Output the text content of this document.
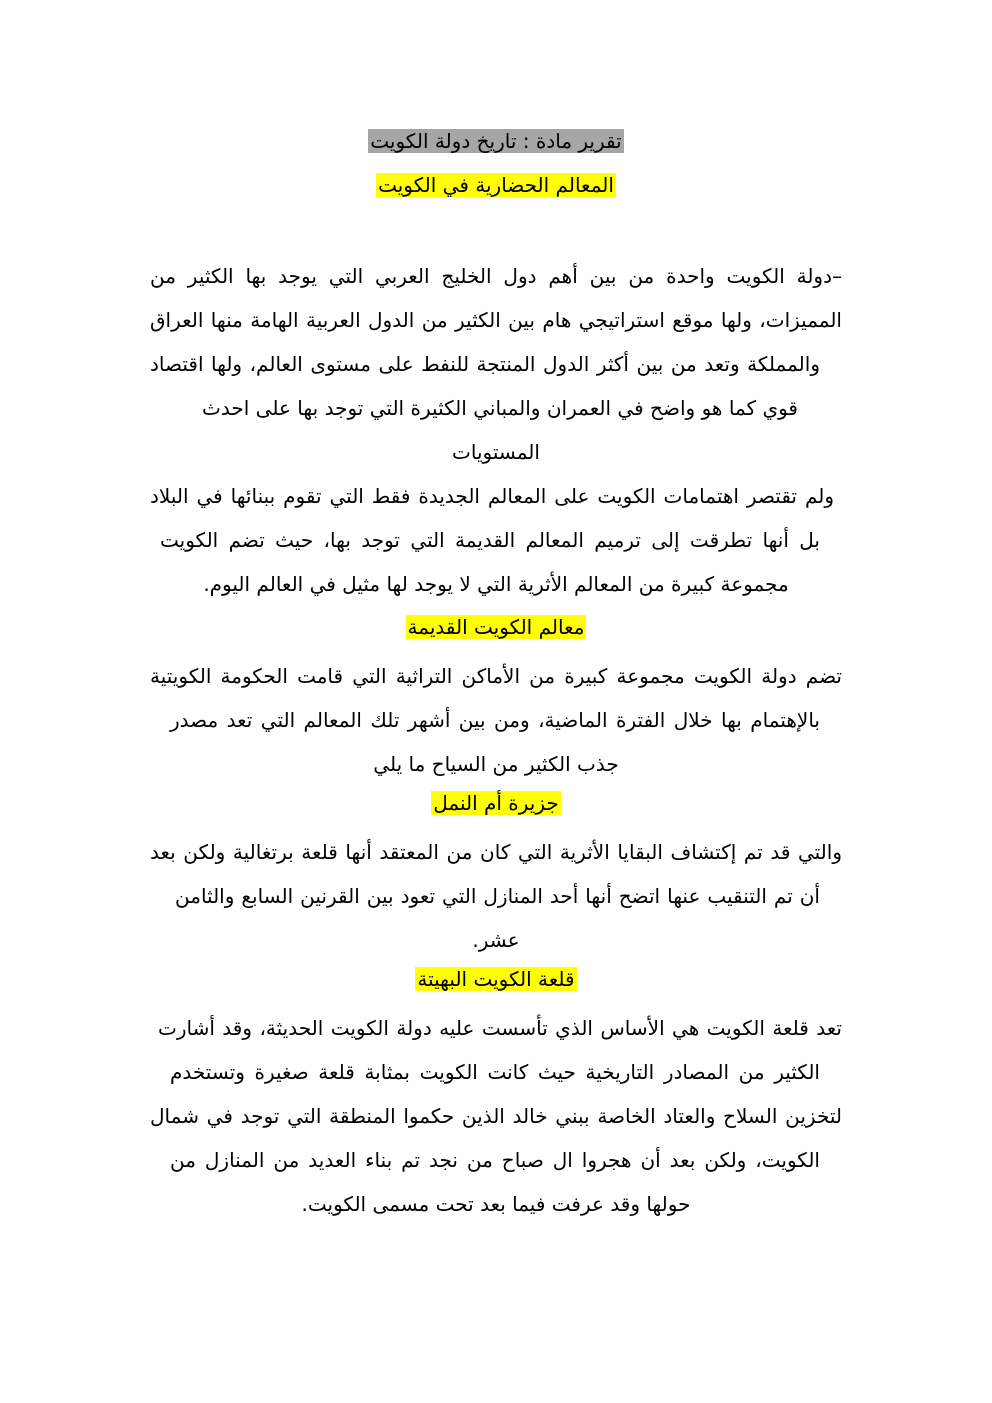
تقرير مادة : تاريخ دولة الكويت
المعالم الحضارية في الكويت
–دولة الكويت واحدة من بين أهم دول الخليج العربي التي يوجد بها الكثير من
المميزات، ولها موقع استراتيجي هام بين الكثير من الدول العربية الهامة منها العراق
والمملكة وتعد من بين أكثر الدول المنتجة للنفط على مستوى العالم، ولها اقتصاد
قوي كما هو واضح في العمران والمباني الكثيرة التي توجد بها على احدث
المستويات
ولم تقتصر اهتمامات الكويت على المعالم الجديدة فقط التي تقوم ببنائها في البلاد
بل أنها تطرقت إلى ترميم المعالم القديمة التي توجد بها، حيث تضم الكويت
مجموعة كبيرة من المعالم الأثرية التي لا يوجد لها مثيل في العالم اليوم.
معالم الكويت القديمة
تضم دولة الكويت مجموعة كبيرة من الأماكن التراثية التي قامت الحكومة الكويتية
بالإهتمام بها خلال الفترة الماضية، ومن بين أشهر تلك المعالم التي تعد مصدر
جذب الكثير من السياح ما يلي
جزيرة أم النمل
والتي قد تم إكتشاف البقايا الأثرية التي كان من المعتقد أنها قلعة برتغالية ولكن بعد
أن تم التنقيب عنها اتضح أنها أحد المنازل التي تعود بين القرنين السابع والثامن
عشر.
قلعة الكويت البهيتة
تعد قلعة الكويت هي الأساس الذي تأسست عليه دولة الكويت الحديثة، وقد أشارت
الكثير من المصادر التاريخية حيث كانت الكويت بمثابة قلعة صغيرة وتستخدم
لتخزين السلاح والعتاد الخاصة ببني خالد الذين حكموا المنطقة التي توجد في شمال
الكويت، ولكن بعد أن هجروا ال صباح من نجد تم بناء العديد من المنازل من
حولها وقد عرفت فيما بعد تحت مسمى الكويت.
